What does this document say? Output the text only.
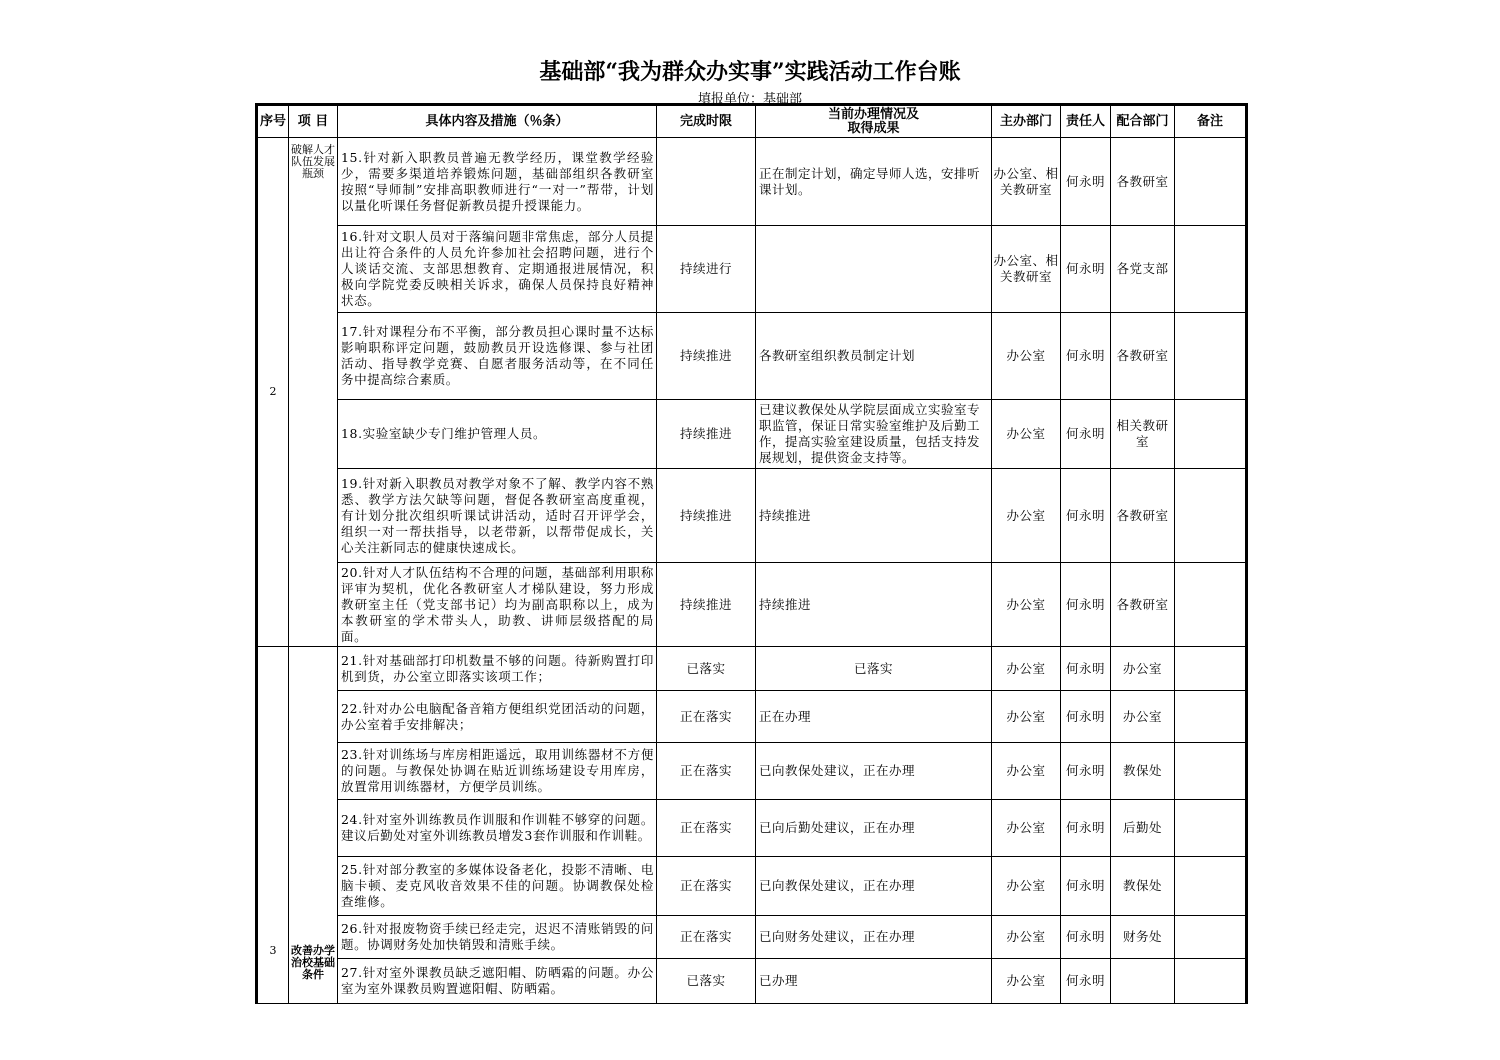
基础部“我为群众办实事”实践活动工作台账
填报单位：基础部
序号	项 目	具体内容及措施（％条）	完成时限	当前办理情况及
取得成果	主办部门	责任人	配合部门	备注
2	破解人才队伍发展瓶颈	15.针对新入职教员普遍无教学经历，课堂教学经验少，需要多渠道培养锻炼问题，基础部组织各教研室按照“导师制”安排高职教师进行“一对一”帮带，计划以量化听课任务督促新教员提升授课能力。		正在制定计划，确定导师人选，安排听课计划。	办公室、相关教研室	何永明	各教研室	
		16.针对文职人员对于落编问题非常焦虑，部分人员提出让符合条件的人员允许参加社会招聘问题，进行个人谈话交流、支部思想教育、定期通报进展情况，积极向学院党委反映相关诉求，确保人员保持良好精神状态。	持续进行		办公室、相关教研室	何永明	各党支部	
		17.针对课程分布不平衡，部分教员担心课时量不达标影响职称评定问题，鼓励教员开设选修课、参与社团活动、指导教学竞赛、自愿者服务活动等，在不同任务中提高综合素质。	持续推进	各教研室组织教员制定计划	办公室	何永明	各教研室	
		18.实验室缺少专门维护管理人员。	持续推进	已建议教保处从学院层面成立实验室专职监管，保证日常实验室维护及后勤工作，提高实验室建设质量，包括支持发展规划，提供资金支持等。	办公室	何永明	相关教研室	
		19.针对新入职教员对教学对象不了解、教学内容不熟悉、教学方法欠缺等问题，督促各教研室高度重视，有计划分批次组织听课试讲活动，适时召开评学会，组织一对一帮扶指导，以老带新，以帮带促成长，关心关注新同志的健康快速成长。	持续推进	持续推进	办公室	何永明	各教研室	
		20.针对人才队伍结构不合理的问题，基础部利用职称评审为契机，优化各教研室人才梯队建设，努力形成教研室主任（党支部书记）均为副高职称以上，成为本教研室的学术带头人，助教、讲师层级搭配的局面。	持续推进	持续推进	办公室	何永明	各教研室	
3	改善办学治校基础条件	21.针对基础部打印机数量不够的问题。待新购置打印机到货，办公室立即落实该项工作；	已落实	已落实	办公室	何永明	办公室	
		22.针对办公电脑配备音箱方便组织党团活动的问题，办公室着手安排解决；	正在落实	正在办理	办公室	何永明	办公室	
		23.针对训练场与库房相距遥远，取用训练器材不方便的问题。与教保处协调在贴近训练场建设专用库房，放置常用训练器材，方便学员训练。	正在落实	已向教保处建议，正在办理	办公室	何永明	教保处	
		24.针对室外训练教员作训服和作训鞋不够穿的问题。建议后勤处对室外训练教员增发3套作训服和作训鞋。	正在落实	已向后勤处建议，正在办理	办公室	何永明	后勤处	
		25.针对部分教室的多媒体设备老化，投影不清晰、电脑卡顿、麦克风收音效果不佳的问题。协调教保处检查维修。	正在落实	已向教保处建议，正在办理	办公室	何永明	教保处	
		26.针对报废物资手续已经走完，迟迟不清账销毁的问题。协调财务处加快销毁和清账手续。	正在落实	已向财务处建议，正在办理	办公室	何永明	财务处	
		27.针对室外课教员缺乏遮阳帽、防晒霜的问题。办公室为室外课教员购置遮阳帽、防晒霜。	已落实	已办理	办公室	何永明		
